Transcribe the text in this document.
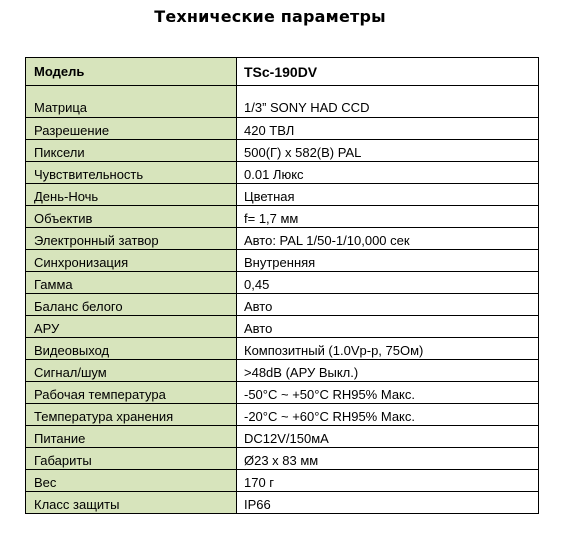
Технические параметры
Модель	TSc-190DV
Матрица	1/3” SONY HAD CCD
Разрешение	420 ТВЛ
Пиксели	500(Г) x 582(В) PAL
Чувствительность	0.01 Люкс
День-Ночь	Цветная
Объектив	f= 1,7 мм
Электронный затвор	Авто: PAL 1/50-1/10,000 сек
Синхронизация	Внутренняя
Гамма	0,45
Баланс белого	Авто
АРУ	Авто
Видеовыход	Композитный (1.0Vp-p, 75Ом)
Сигнал/шум	>48dB (АРУ Выкл.)
Рабочая температура	-50°C ~ +50°C RH95% Макс.
Температура хранения	-20°C ~ +60°C RH95% Макс.
Питание	DC12V/150мА
Габариты	Ø23 x 83 мм
Вес	170 г
Класс защиты	IP66
